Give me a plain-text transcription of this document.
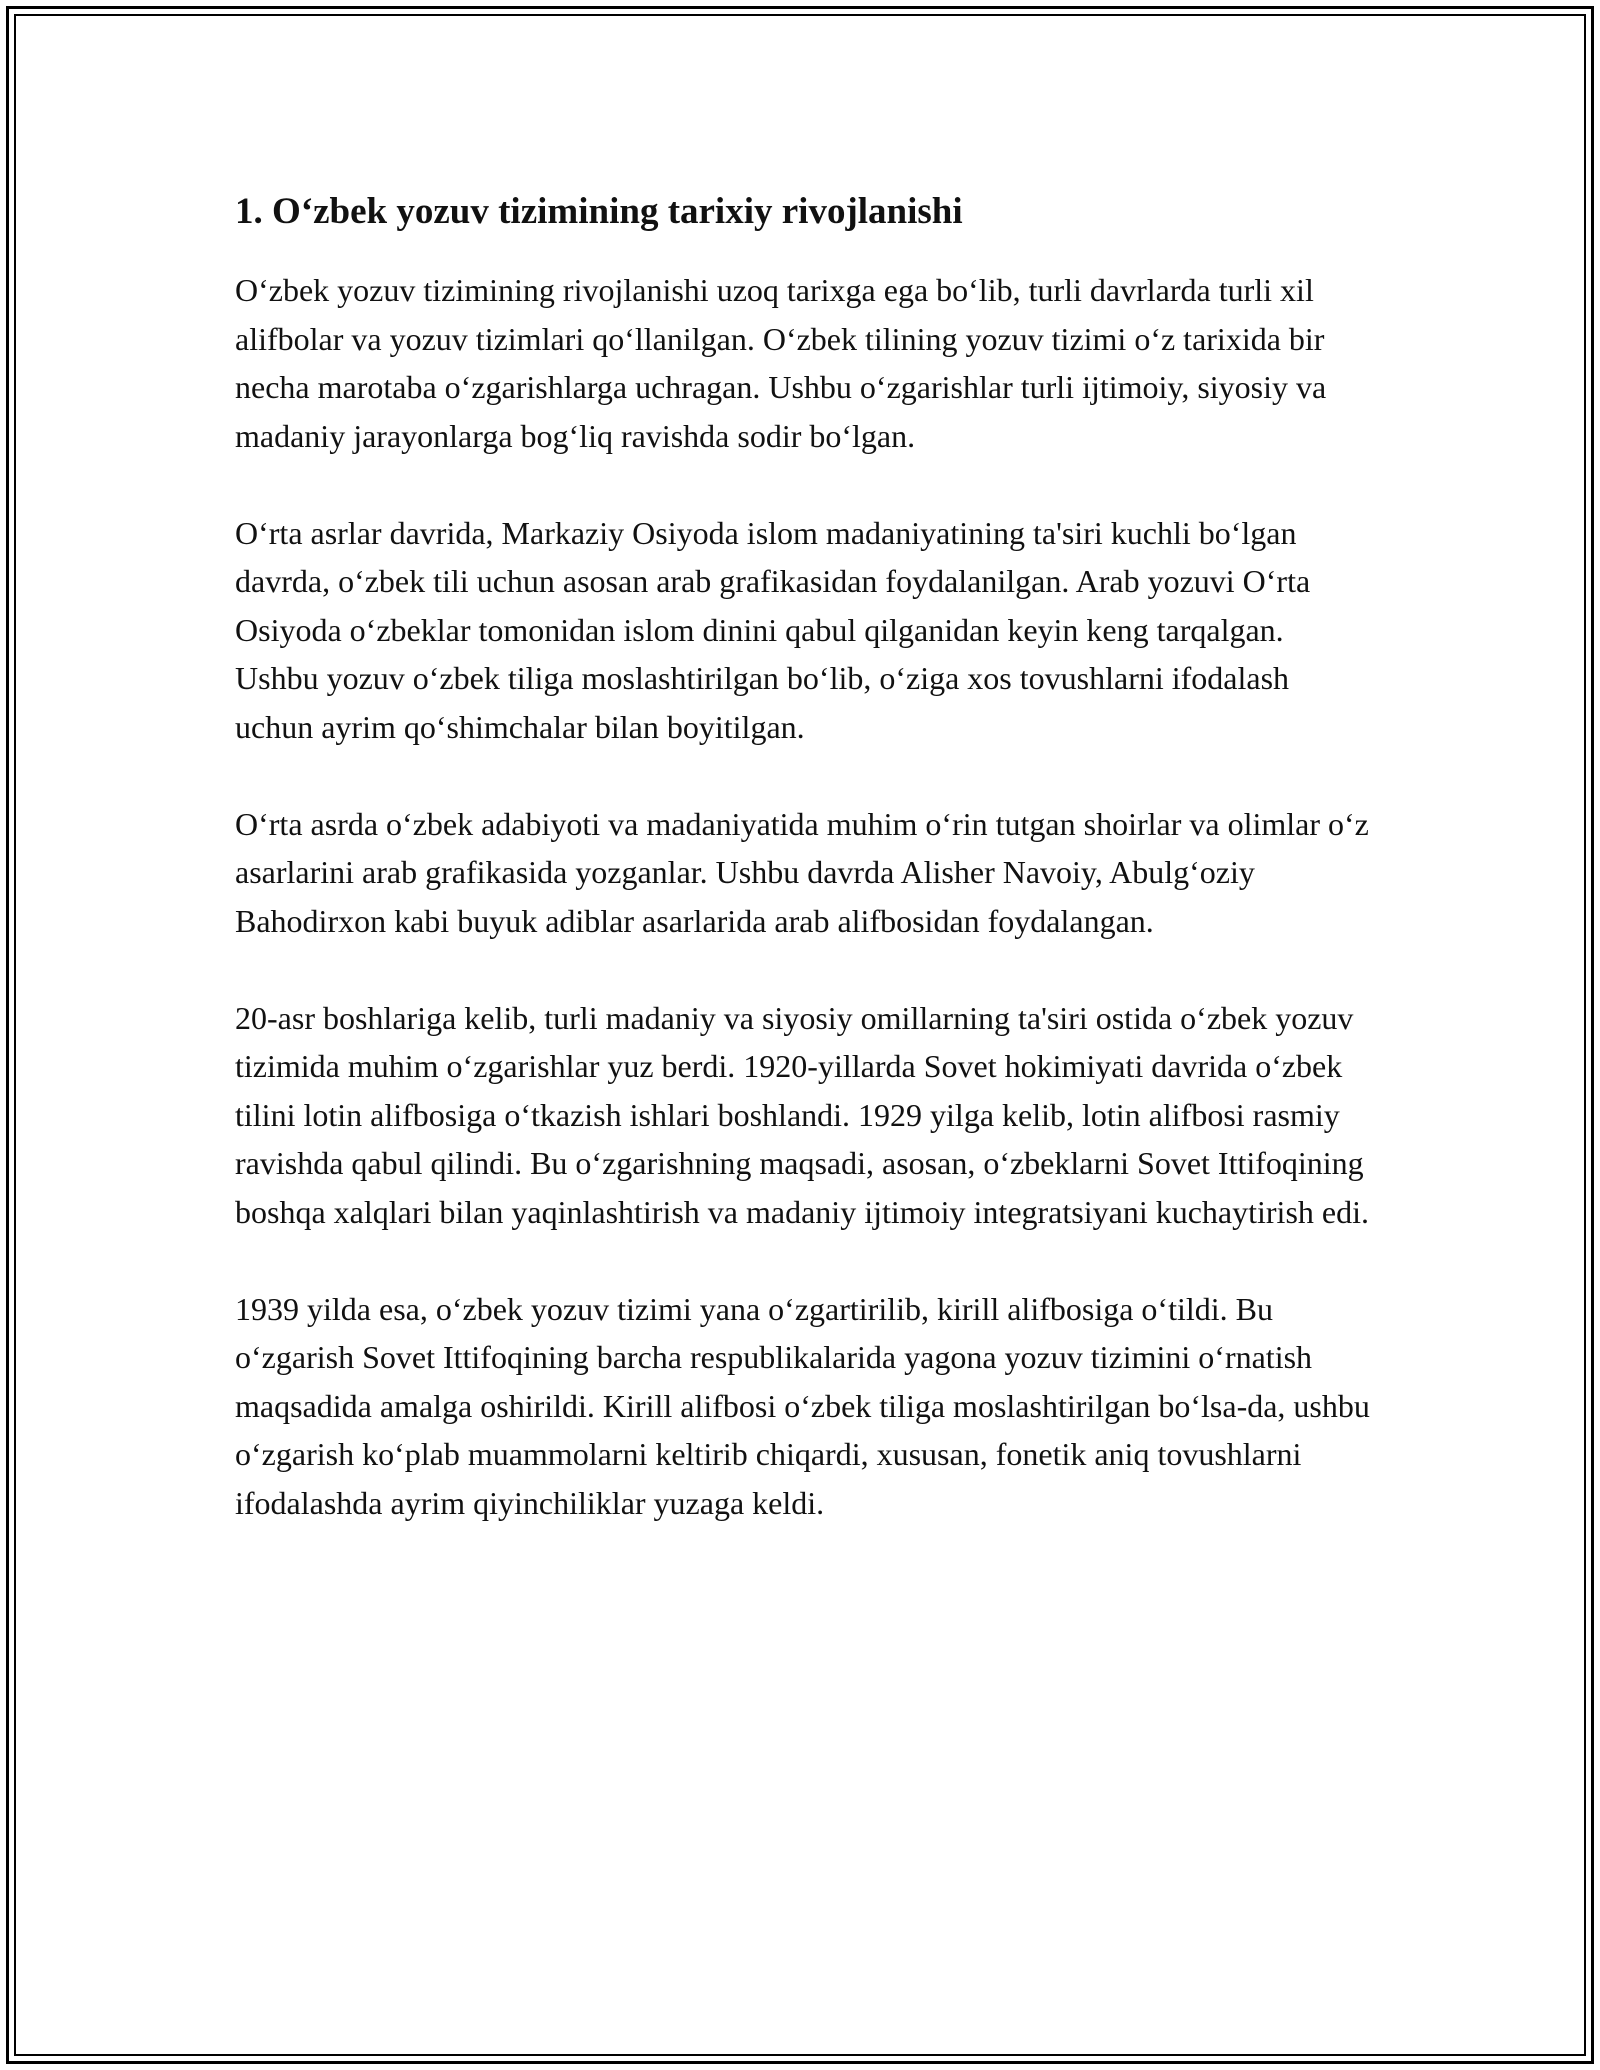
1. O‘zbek yozuv tizimining tarixiy rivojlanishi

O‘zbek yozuv tizimining rivojlanishi uzoq tarixga ega bo‘lib, turli davrlarda turli xil alifbolar va yozuv tizimlari qo‘llanilgan. O‘zbek tilining yozuv tizimi o‘z tarixida bir necha marotaba o‘zgarishlarga uchragan. Ushbu o‘zgarishlar turli ijtimoiy, siyosiy va madaniy jarayonlarga bog‘liq ravishda sodir bo‘lgan.

O‘rta asrlar davrida, Markaziy Osiyoda islom madaniyatining ta'siri kuchli bo‘lgan davrda, o‘zbek tili uchun asosan arab grafikasidan foydalanilgan. Arab yozuvi O‘rta Osiyoda o‘zbeklar tomonidan islom dinini qabul qilganidan keyin keng tarqalgan. Ushbu yozuv o‘zbek tiliga moslashtirilgan bo‘lib, o‘ziga xos tovushlarni ifodalash uchun ayrim qo‘shimchalar bilan boyitilgan.

O‘rta asrda o‘zbek adabiyoti va madaniyatida muhim o‘rin tutgan shoirlar va olimlar o‘z asarlarini arab grafikasida yozganlar. Ushbu davrda Alisher Navoiy, Abulg‘oziy Bahodirxon kabi buyuk adiblar asarlarida arab alifbosidan foydalangan.

20-asr boshlariga kelib, turli madaniy va siyosiy omillarning ta'siri ostida o‘zbek yozuv tizimida muhim o‘zgarishlar yuz berdi. 1920-yillarda Sovet hokimiyati davrida o‘zbek tilini lotin alifbosiga o‘tkazish ishlari boshlandi. 1929 yilga kelib, lotin alifbosi rasmiy ravishda qabul qilindi. Bu o‘zgarishning maqsadi, asosan, o‘zbeklarni Sovet Ittifoqining boshqa xalqlari bilan yaqinlashtirish va madaniy ijtimoiy integratsiyani kuchaytirish edi.

1939 yilda esa, o‘zbek yozuv tizimi yana o‘zgartirilib, kirill alifbosiga o‘tildi. Bu o‘zgarish Sovet Ittifoqining barcha respublikalarida yagona yozuv tizimini o‘rnatish maqsadida amalga oshirildi. Kirill alifbosi o‘zbek tiliga moslashtirilgan bo‘lsa-da, ushbu o‘zgarish ko‘plab muammolarni keltirib chiqardi, xususan, fonetik aniq tovushlarni ifodalashda ayrim qiyinchiliklar yuzaga keldi.
